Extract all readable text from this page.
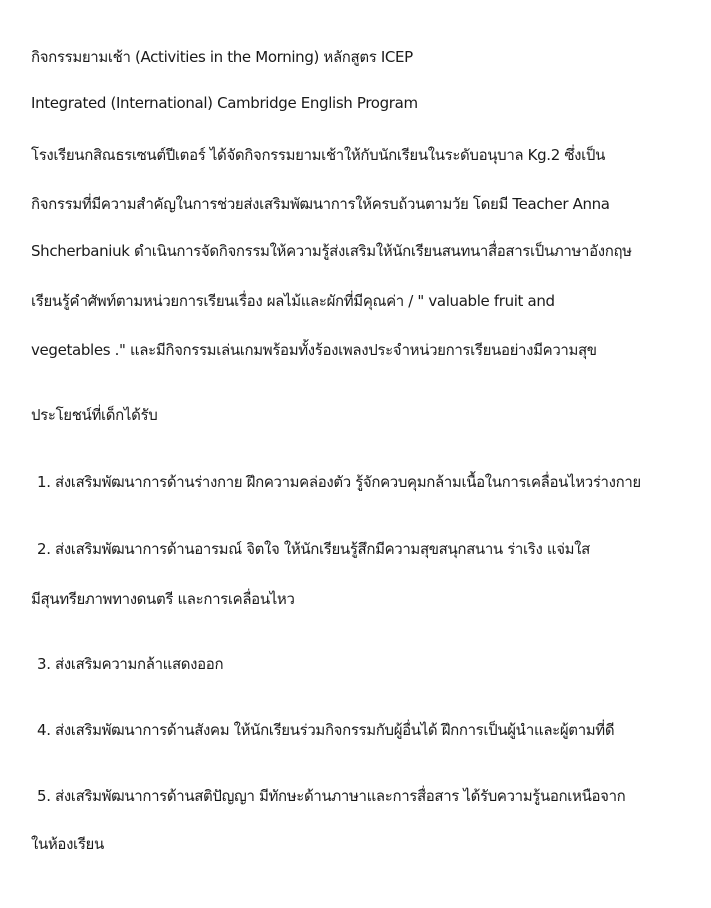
กิจกรรมยามเช้า (Activities in the Morning) หลักสูตร ICEP
Integrated (International) Cambridge English Program
โรงเรียนกสิณธรเซนต์ปีเตอร์ ได้จัดกิจกรรมยามเช้าให้กับนักเรียนในระดับอนุบาล Kg.2 ซึ่งเป็น
กิจกรรมที่มีความสำคัญในการช่วยส่งเสริมพัฒนาการให้ครบถ้วนตามวัย โดยมี Teacher Anna
Shcherbaniuk ดำเนินการจัดกิจกรรมให้ความรู้ส่งเสริมให้นักเรียนสนทนาสื่อสารเป็นภาษาอังกฤษ
เรียนรู้คำศัพท์ตามหน่วยการเรียนเรื่อง ผลไม้และผักที่มีคุณค่า / " valuable fruit and
vegetables ." และมีกิจกรรมเล่นเกมพร้อมทั้งร้องเพลงประจำหน่วยการเรียนอย่างมีความสุข
ประโยชน์ที่เด็กได้รับ
1. ส่งเสริมพัฒนาการด้านร่างกาย ฝึกความคล่องตัว รู้จักควบคุมกล้ามเนื้อในการเคลื่อนไหวร่างกาย
2. ส่งเสริมพัฒนาการด้านอารมณ์ จิตใจ ให้นักเรียนรู้สึกมีความสุขสนุกสนาน ร่าเริง แจ่มใส
มีสุนทรียภาพทางดนตรี และการเคลื่อนไหว
3. ส่งเสริมความกล้าแสดงออก
4. ส่งเสริมพัฒนาการด้านสังคม ให้นักเรียนร่วมกิจกรรมกับผู้อื่นได้ ฝึกการเป็นผู้นำและผู้ตามที่ดี
5. ส่งเสริมพัฒนาการด้านสติปัญญา มีทักษะด้านภาษาและการสื่อสาร ได้รับความรู้นอกเหนือจาก
ในห้องเรียน
